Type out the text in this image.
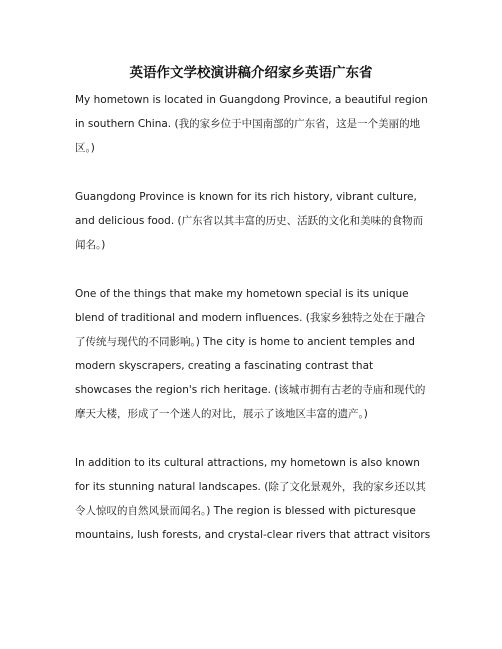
英语作文学校演讲稿介绍家乡英语广东省

My hometown is located in Guangdong Province, a beautiful region in southern China. (我的家乡位于中国南部的广东省，这是一个美丽的地区。)

Guangdong Province is known for its rich history, vibrant culture, and delicious food. (广东省以其丰富的历史、活跃的文化和美味的食物而闻名。)

One of the things that make my hometown special is its unique blend of traditional and modern influences. (我家乡独特之处在于融合了传统与现代的不同影响。) The city is home to ancient temples and modern skyscrapers, creating a fascinating contrast that showcases the region's rich heritage. (该城市拥有古老的寺庙和现代的摩天大楼，形成了一个迷人的对比，展示了该地区丰富的遗产。)

In addition to its cultural attractions, my hometown is also known for its stunning natural landscapes. (除了文化景观外，我的家乡还以其令人惊叹的自然风景而闻名。) The region is blessed with picturesque mountains, lush forests, and crystal-clear rivers that attract visitors
